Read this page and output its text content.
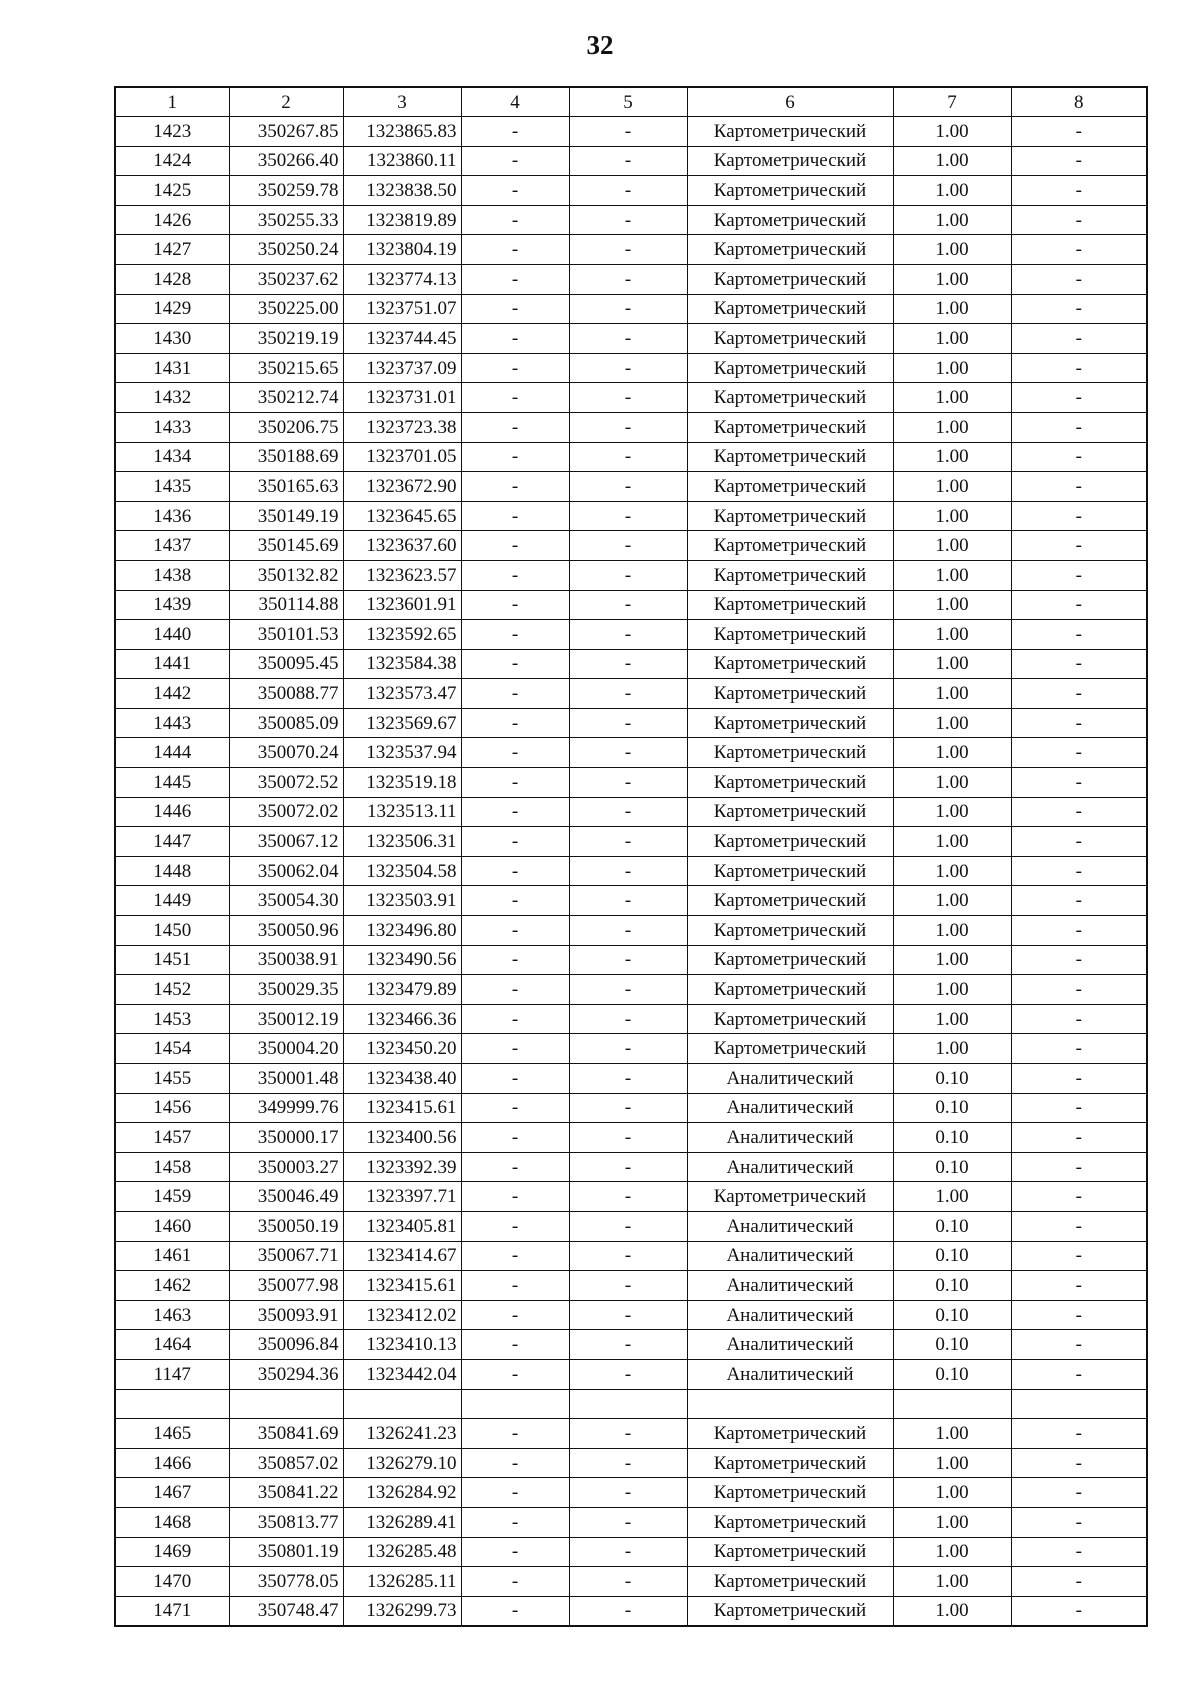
32
1	2	3	4	5	6	7	8
1423	350267.85	1323865.83	-	-	Картометрический	1.00	-
1424	350266.40	1323860.11	-	-	Картометрический	1.00	-
1425	350259.78	1323838.50	-	-	Картометрический	1.00	-
1426	350255.33	1323819.89	-	-	Картометрический	1.00	-
1427	350250.24	1323804.19	-	-	Картометрический	1.00	-
1428	350237.62	1323774.13	-	-	Картометрический	1.00	-
1429	350225.00	1323751.07	-	-	Картометрический	1.00	-
1430	350219.19	1323744.45	-	-	Картометрический	1.00	-
1431	350215.65	1323737.09	-	-	Картометрический	1.00	-
1432	350212.74	1323731.01	-	-	Картометрический	1.00	-
1433	350206.75	1323723.38	-	-	Картометрический	1.00	-
1434	350188.69	1323701.05	-	-	Картометрический	1.00	-
1435	350165.63	1323672.90	-	-	Картометрический	1.00	-
1436	350149.19	1323645.65	-	-	Картометрический	1.00	-
1437	350145.69	1323637.60	-	-	Картометрический	1.00	-
1438	350132.82	1323623.57	-	-	Картометрический	1.00	-
1439	350114.88	1323601.91	-	-	Картометрический	1.00	-
1440	350101.53	1323592.65	-	-	Картометрический	1.00	-
1441	350095.45	1323584.38	-	-	Картометрический	1.00	-
1442	350088.77	1323573.47	-	-	Картометрический	1.00	-
1443	350085.09	1323569.67	-	-	Картометрический	1.00	-
1444	350070.24	1323537.94	-	-	Картометрический	1.00	-
1445	350072.52	1323519.18	-	-	Картометрический	1.00	-
1446	350072.02	1323513.11	-	-	Картометрический	1.00	-
1447	350067.12	1323506.31	-	-	Картометрический	1.00	-
1448	350062.04	1323504.58	-	-	Картометрический	1.00	-
1449	350054.30	1323503.91	-	-	Картометрический	1.00	-
1450	350050.96	1323496.80	-	-	Картометрический	1.00	-
1451	350038.91	1323490.56	-	-	Картометрический	1.00	-
1452	350029.35	1323479.89	-	-	Картометрический	1.00	-
1453	350012.19	1323466.36	-	-	Картометрический	1.00	-
1454	350004.20	1323450.20	-	-	Картометрический	1.00	-
1455	350001.48	1323438.40	-	-	Аналитический	0.10	-
1456	349999.76	1323415.61	-	-	Аналитический	0.10	-
1457	350000.17	1323400.56	-	-	Аналитический	0.10	-
1458	350003.27	1323392.39	-	-	Аналитический	0.10	-
1459	350046.49	1323397.71	-	-	Картометрический	1.00	-
1460	350050.19	1323405.81	-	-	Аналитический	0.10	-
1461	350067.71	1323414.67	-	-	Аналитический	0.10	-
1462	350077.98	1323415.61	-	-	Аналитический	0.10	-
1463	350093.91	1323412.02	-	-	Аналитический	0.10	-
1464	350096.84	1323410.13	-	-	Аналитический	0.10	-
1147	350294.36	1323442.04	-	-	Аналитический	0.10	-

1465	350841.69	1326241.23	-	-	Картометрический	1.00	-
1466	350857.02	1326279.10	-	-	Картометрический	1.00	-
1467	350841.22	1326284.92	-	-	Картометрический	1.00	-
1468	350813.77	1326289.41	-	-	Картометрический	1.00	-
1469	350801.19	1326285.48	-	-	Картометрический	1.00	-
1470	350778.05	1326285.11	-	-	Картометрический	1.00	-
1471	350748.47	1326299.73	-	-	Картометрический	1.00	-
